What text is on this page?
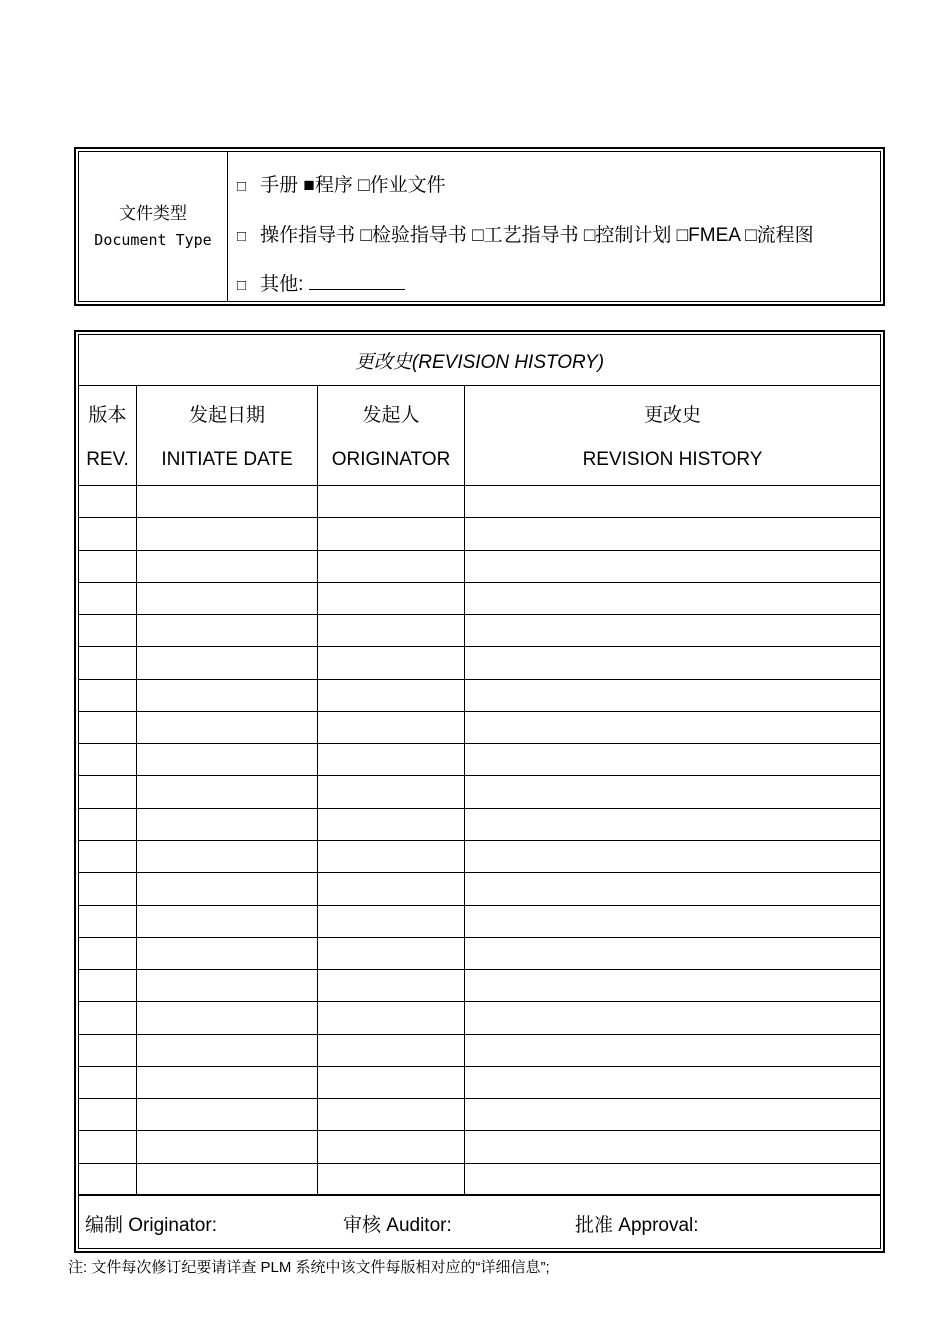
文件类型
Document Type
□ 手册 ■程序 □作业文件
□ 操作指导书 □检验指导书 □工艺指导书 □控制计划 □FMEA □流程图
□ 其他:
更改史(REVISION HISTORY)
版本
REV.
发起日期
INITIATE DATE
发起人
ORIGINATOR
更改史
REVISION HISTORY
编制 Originator:	审核 Auditor:	批准 Approval:
注: 文件每次修订纪要请详查 PLM 系统中该文件每版相对应的“详细信息”;
